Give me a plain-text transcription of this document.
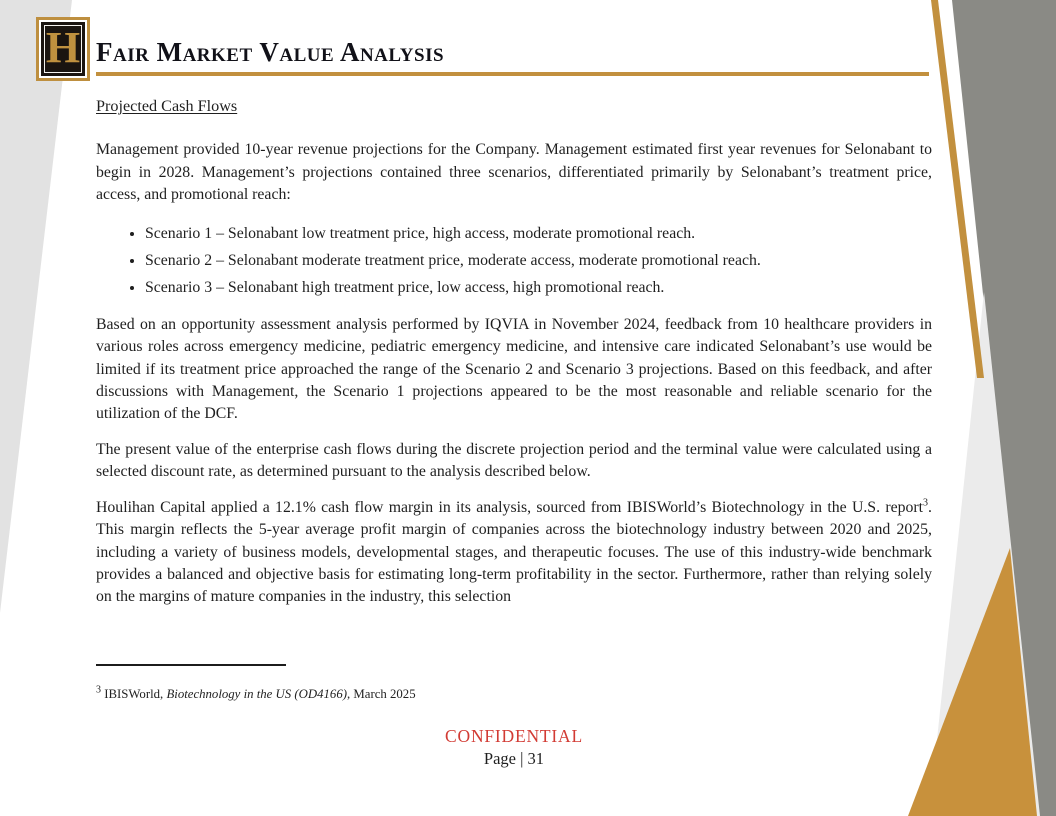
H Fair Market Value Analysis
Projected Cash Flows

Management provided 10-year revenue projections for the Company. Management estimated first year revenues for Selonabant to begin in 2028. Management’s projections contained three scenarios, differentiated primarily by Selonabant’s treatment price, access, and promotional reach:

• Scenario 1 – Selonabant low treatment price, high access, moderate promotional reach.
• Scenario 2 – Selonabant moderate treatment price, moderate access, moderate promotional reach.
• Scenario 3 – Selonabant high treatment price, low access, high promotional reach.

Based on an opportunity assessment analysis performed by IQVIA in November 2024, feedback from 10 healthcare providers in various roles across emergency medicine, pediatric emergency medicine, and intensive care indicated Selonabant’s use would be limited if its treatment price approached the range of the Scenario 2 and Scenario 3 projections. Based on this feedback, and after discussions with Management, the Scenario 1 projections appeared to be the most reasonable and reliable scenario for the utilization of the DCF.

The present value of the enterprise cash flows during the discrete projection period and the terminal value were calculated using a selected discount rate, as determined pursuant to the analysis described below.

Houlihan Capital applied a 12.1% cash flow margin in its analysis, sourced from IBISWorld’s Biotechnology in the U.S. report$^3$. This margin reflects the 5-year average profit margin of companies across the biotechnology industry between 2020 and 2025, including a variety of business models, developmental stages, and therapeutic focuses. The use of this industry-wide benchmark provides a balanced and objective basis for estimating long-term profitability in the sector. Furthermore, rather than relying solely on the margins of mature companies in the industry, this selection

$^3$ IBISWorld, Biotechnology in the US (OD4166), March 2025
CONFIDENTIAL
Page | 31
